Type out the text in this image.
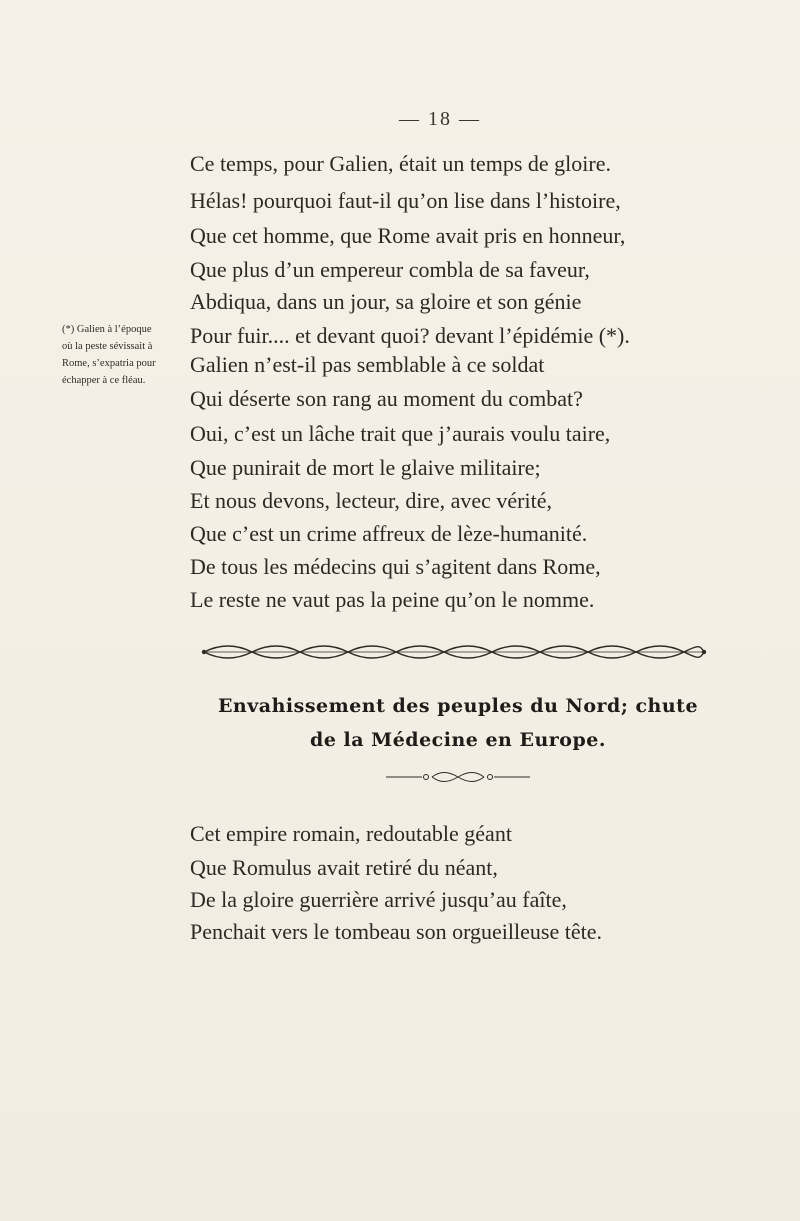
— 18 —
Ce temps, pour Galien, était un temps de gloire.
Hélas! pourquoi faut-il qu’on lise dans l’histoire,
Que cet homme, que Rome avait pris en honneur,
Que plus d’un empereur combla de sa faveur,
Abdiqua, dans un jour, sa gloire et son génie
Pour fuir.... et devant quoi? devant l’épidémie (*).
Galien n’est-il pas semblable à ce soldat
Qui déserte son rang au moment du combat?
Oui, c’est un lâche trait que j’aurais voulu taire,
Que punirait de mort le glaive militaire;
Et nous devons, lecteur, dire, avec vérité,
Que c’est un crime affreux de lèze-humanité.
De tous les médecins qui s’agitent dans Rome,
Le reste ne vaut pas la peine qu’on le nomme.
(*) Galien à l’époque
où la peste sévissait à
Rome, s’expatria pour
échapper à ce fléau.
Envahissement des peuples du Nord; chute
de la Médecine en Europe.
Cet empire romain, redoutable géant
Que Romulus avait retiré du néant,
De la gloire guerrière arrivé jusqu’au faîte,
Penchait vers le tombeau son orgueilleuse tête.
